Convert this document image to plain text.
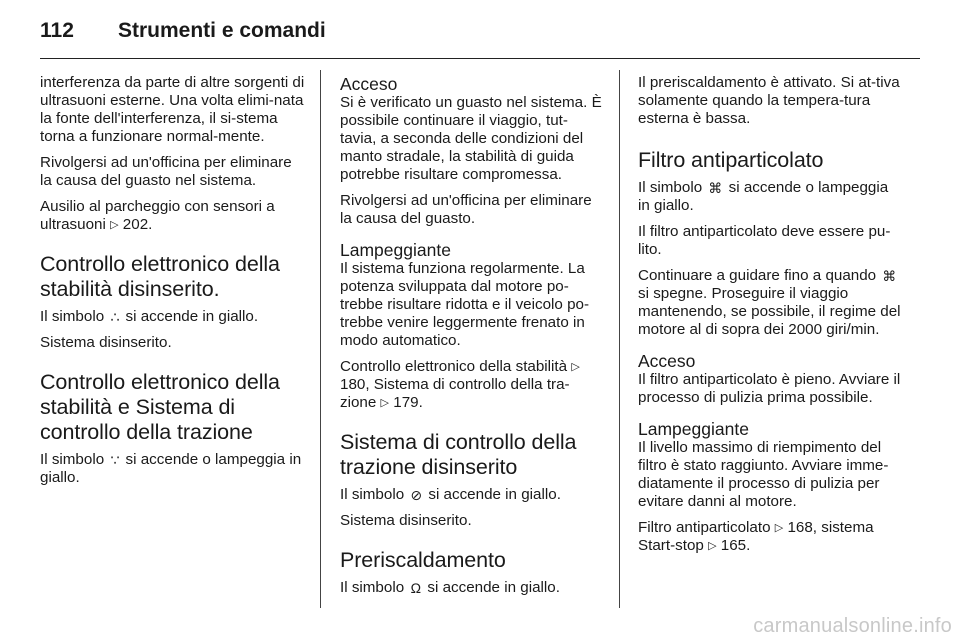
112 Strumenti e comandi

interferenza da parte di altre sorgenti di ultrasuoni esterne. Una volta elimi-nata la fonte dell'interferenza, il si-stema torna a funzionare normal-mente.

Rivolgersi ad un'officina per eliminare la causa del guasto nel sistema.

Ausilio al parcheggio con sensori a ultrasuoni ▷ 202.

Controllo elettronico della stabilità disinserito.

Il simbolo ∴ si accende in giallo.

Sistema disinserito.

Controllo elettronico della stabilità e Sistema di controllo della trazione

Il simbolo ∵ si accende o lampeggia in giallo.

Acceso

Si è verificato un guasto nel sistema. È possibile continuare il viaggio, tut-tavia, a seconda delle condizioni del manto stradale, la stabilità di guida potrebbe risultare compromessa.

Rivolgersi ad un'officina per eliminare la causa del guasto.

Lampeggiante

Il sistema funziona regolarmente. La potenza sviluppata dal motore po-trebbe risultare ridotta e il veicolo po-trebbe venire leggermente frenato in modo automatico.

Controllo elettronico della stabilità ▷ 180, Sistema di controllo della tra-zione ▷ 179.

Sistema di controllo della trazione disinserito

Il simbolo ⊘ si accende in giallo.

Sistema disinserito.

Preriscaldamento

Il simbolo Ω si accende in giallo.

Il preriscaldamento è attivato. Si at-tiva solamente quando la tempera-tura esterna è bassa.

Filtro antiparticolato

Il simbolo ⌘ si accende o lampeggia in giallo.

Il filtro antiparticolato deve essere pu-lito.

Continuare a guidare fino a quando ⌘ si spegne. Proseguire il viaggio mantenendo, se possibile, il regime del motore al di sopra dei 2000 giri/min.

Acceso

Il filtro antiparticolato è pieno. Avviare il processo di pulizia prima possibile.

Lampeggiante

Il livello massimo di riempimento del filtro è stato raggiunto. Avviare imme-diatamente il processo di pulizia per evitare danni al motore.

Filtro antiparticolato ▷ 168, sistema Start-stop ▷ 165.

carmanualsonline.info
